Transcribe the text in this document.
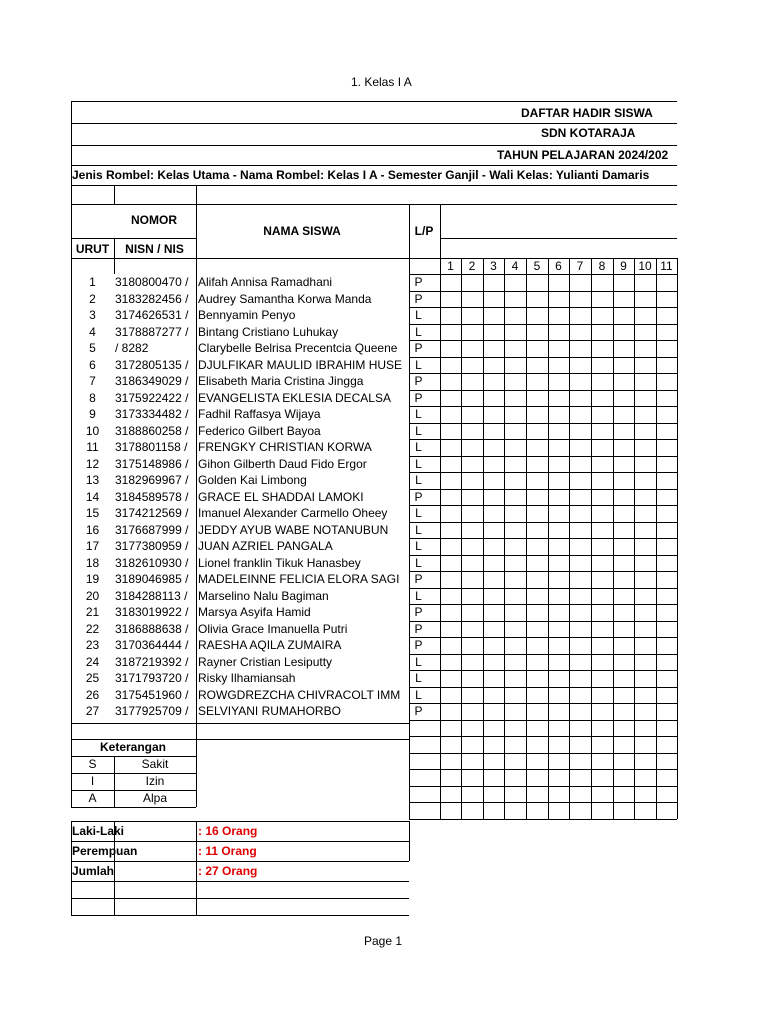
1. Kelas I A
DAFTAR HADIR SISWA
SDN KOTARAJA
TAHUN PELAJARAN 2024/202
Jenis Rombel: Kelas Utama - Nama Rombel: Kelas I A - Semester Ganjil - Wali Kelas: Yulianti Damaris
NOMOR
URUT	NISN / NIS
NAMA SISWA	L/P
1	2	3	4	5	6	7	8	9 10 11
1	3180800470 / Alifah Annisa Ramadhani	P
2	3183282456 / Audrey Samantha Korwa Manda	P
3	3174626531 / Bennyamin Penyo	L
4	3178887277 / Bintang Cristiano Luhukay	L
5	/ 8282	Clarybelle Belrisa Precentcia Queene	P
6	3172805135 / DJULFIKAR MAULID IBRAHIM HUSE	L
7	3186349029 / Elisabeth Maria Cristina Jingga	P
8	3175922422 / EVANGELISTA EKLESIA DECALSA	P
9	3173334482 / Fadhil Raffasya Wijaya	L
10	3188860258 / Federico Gilbert Bayoa	L
11	3178801158 / FRENGKY CHRISTIAN KORWA	L
12	3175148986 / Gihon Gilberth Daud Fido Ergor	L
13	3182969967 / Golden Kai Limbong	L
14	3184589578 / GRACE EL SHADDAI LAMOKI	P
15	3174212569 / Imanuel Alexander Carmello Oheey	L
16	3176687999 / JEDDY AYUB WABE NOTANUBUN	L
17	3177380959 / JUAN AZRIEL PANGALA	L
18	3182610930 / Lionel franklin Tikuk Hanasbey	L
19	3189046985 / MADELEINNE FELICIA ELORA SAGI	P
20	3184288113 / Marselino Nalu Bagiman	L
21	3183019922 / Marsya Asyifa Hamid	P
22	3186888638 / Olivia Grace Imanuella Putri	P
23	3170364444 / RAESHA AQILA ZUMAIRA	P
24	3187219392 / Rayner Cristian Lesiputty	L
25	3171793720 / Risky Ilhamiansah	L
26	3175451960 / ROWGDREZCHA CHIVRACOLT IMM	L
27	3177925709 / SELVIYANI RUMAHORBO	P
Keterangan
S	Sakit
I	Izin
A	Alpa
Laki-Laki	: 16 Orang
Perempuan	: 11 Orang
Jumlah	: 27 Orang
Page 1
